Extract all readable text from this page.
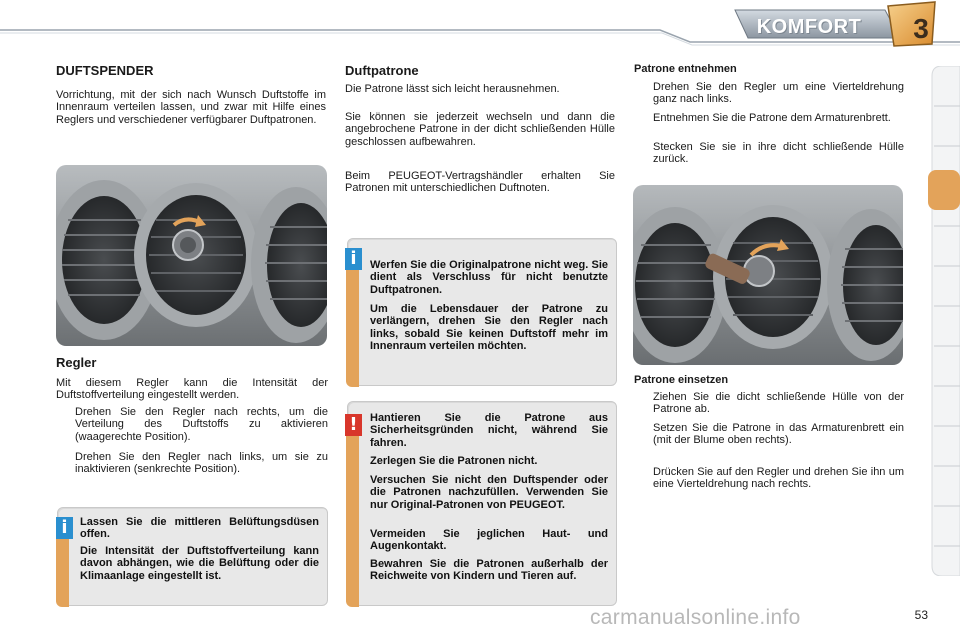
KOMFORT 3
DUFTSPENDER

Vorrichtung, mit der sich nach Wunsch Duftstoffe im Innenraum verteilen lassen, und zwar mit Hilfe eines Reglers und verschiedener verfügbarer Duftpatronen.

Regler

Mit diesem Regler kann die Intensität der Duftstoffverteilung eingestellt werden.

Drehen Sie den Regler nach rechts, um die Verteilung des Duftstoffs zu aktivieren (waagerechte Position).
Drehen Sie den Regler nach links, um sie zu inaktivieren (senkrechte Position).

Lassen Sie die mittleren Belüftungsdüsen offen.

Die Intensität der Duftstoffverteilung kann davon abhängen, wie die Belüftung oder die Klimaanlage eingestellt ist.

i
Duftpatrone

Die Patrone lässt sich leicht herausnehmen.

Sie können sie jederzeit wechseln und dann die angebrochene Patrone in der dicht schließenden Hülle geschlossen aufbewahren.

Beim PEUGEOT-Vertragshändler erhalten Sie Patronen mit unterschiedlichen Duftnoten.

Werfen Sie die Originalpatrone nicht weg. Sie dient als Verschluss für nicht benutzte Duftpatronen.

Um die Lebensdauer der Patrone zu verlängern, drehen Sie den Regler nach links, sobald Sie keinen Duftstoff mehr im Innenraum verteilen möchten.

i

Hantieren Sie die Patrone aus Sicherheitsgründen nicht, während Sie fahren.

Zerlegen Sie die Patronen nicht.

Versuchen Sie nicht den Duftspender oder die Patronen nachzufüllen. Verwenden Sie nur Original-Patronen von PEUGEOT.

Vermeiden Sie jeglichen Haut- und Augenkontakt.

Bewahren Sie die Patronen außerhalb der Reichweite von Kindern und Tieren auf.

!
Patrone entnehmen
Drehen Sie den Regler um eine Vierteldrehung ganz nach links.
Entnehmen Sie die Patrone dem Armaturenbrett.
Stecken Sie sie in ihre dicht schließende Hülle zurück.
Patrone einsetzen
Ziehen Sie die dicht schließende Hülle von der Patrone ab.
Setzen Sie die Patrone in das Armaturenbrett ein (mit der Blume oben rechts).
Drücken Sie auf den Regler und drehen Sie ihn um eine Vierteldrehung nach rechts.
carmanualsonline.info	53
